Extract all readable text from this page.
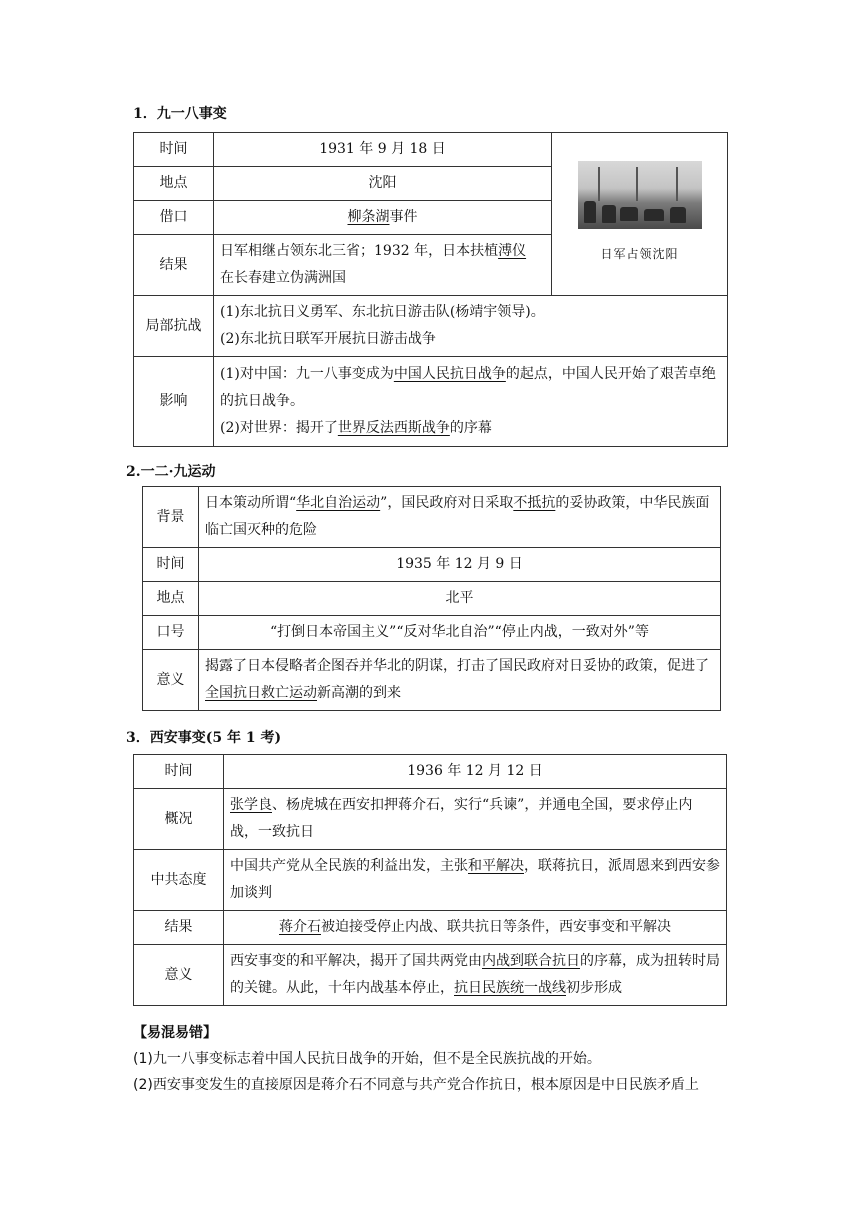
1．九一八事变
时间	1931 年 9 月 18 日	日军占领沈阳

地点	沈阳	
借口	柳条湖事件	
结果	日军相继占领东北三省；1932 年，日本扶植溥仪
在长春建立伪满洲国	
局部抗战	(1)东北抗日义勇军、东北抗日游击队(杨靖宇领导)。
(2)东北抗日联军开展抗日游击战争	
影响	(1)对中国：九一八事变成为中国人民抗日战争的起点，中国人民开始了艰苦卓绝的抗日战争。
(2)对世界：揭开了世界反法西斯战争的序幕	
2.一二·九运动
背景	日本策动所谓“华北自治运动”，国民政府对日采取不抵抗的妥协政策，中华民族面临亡国灭种的危险
时间	1935 年 12 月 9 日
地点	北平
口号	“打倒日本帝国主义”“反对华北自治”“停止内战，一致对外”等
意义	揭露了日本侵略者企图吞并华北的阴谋，打击了国民政府对日妥协的政策，促进了全国抗日救亡运动新高潮的到来
3．西安事变(5 年 1 考)
时间	1936 年 12 月 12 日
概况	张学良、杨虎城在西安扣押蒋介石，实行“兵谏”，并通电全国，要求停止内战，一致抗日
中共态度	中国共产党从全民族的利益出发，主张和平解决，联蒋抗日，派周恩来到西安参加谈判
结果	蒋介石被迫接受停止内战、联共抗日等条件，西安事变和平解决
意义	西安事变的和平解决，揭开了国共两党由内战到联合抗日的序幕，成为扭转时局的关键。从此，十年内战基本停止，抗日民族统一战线初步形成
【易混易错】
(1)九一八事变标志着中国人民抗日战争的开始，但不是全民族抗战的开始。
(2)西安事变发生的直接原因是蒋介石不同意与共产党合作抗日，根本原因是中日民族矛盾上
